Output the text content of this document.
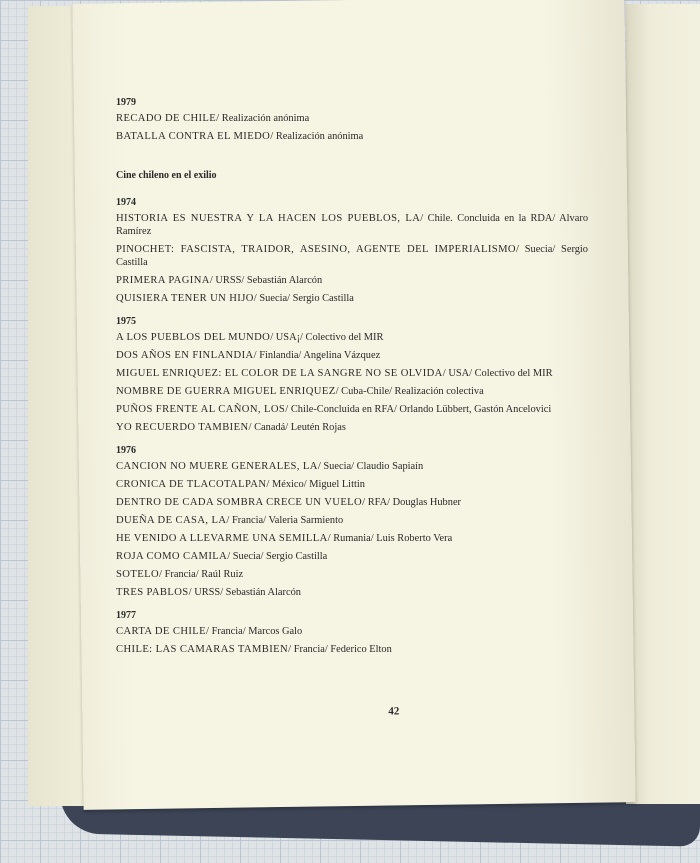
42
1979
RECADO DE CHILE/ Realización anónima
BATALLA CONTRA EL MIEDO/ Realización anónima
Cine chileno en el exilio
1974
HISTORIA ES NUESTRA Y LA HACEN LOS PUEBLOS, LA/ Chile. Concluida en la RDA/ Alvaro Ramírez
PINOCHET: FASCISTA, TRAIDOR, ASESINO, AGENTE DEL IMPERIALISMO/ Suecia/ Sergio Castilla
PRIMERA PAGINA/ URSS/ Sebastián Alarcón
QUISIERA TENER UN HIJO/ Suecia/ Sergio Castilla
1975
A LOS PUEBLOS DEL MUNDO/ USA¡/ Colectivo del MIR
DOS AÑOS EN FINLANDIA/ Finlandia/ Angelina Vázquez
MIGUEL ENRIQUEZ: EL COLOR DE LA SANGRE NO SE OLVIDA/ USA/ Colectivo del MIR
NOMBRE DE GUERRA MIGUEL ENRIQUEZ/ Cuba-Chile/ Realización colectiva
PUÑOS FRENTE AL CAÑON, LOS/ Chile-Concluida en RFA/ Orlando Lübbert, Gastón Ancelovici
YO RECUERDO TAMBIEN/ Canadá/ Leutén Rojas
1976
CANCION NO MUERE GENERALES, LA/ Suecia/ Claudio Sapiaín
CRONICA DE TLACOTALPAN/ México/ Miguel Littin
DENTRO DE CADA SOMBRA CRECE UN VUELO/ RFA/ Douglas Hubner
DUEÑA DE CASA, LA/ Francia/ Valeria Sarmiento
HE VENIDO A LLEVARME UNA SEMILLA/ Rumania/ Luis Roberto Vera
ROJA COMO CAMILA/ Suecia/ Sergio Castilla
SOTELO/ Francia/ Raúl Ruiz
TRES PABLOS/ URSS/ Sebastián Alarcón
1977
CARTA DE CHILE/ Francia/ Marcos Galo
CHILE: LAS CAMARAS TAMBIEN/ Francia/ Federico Elton
